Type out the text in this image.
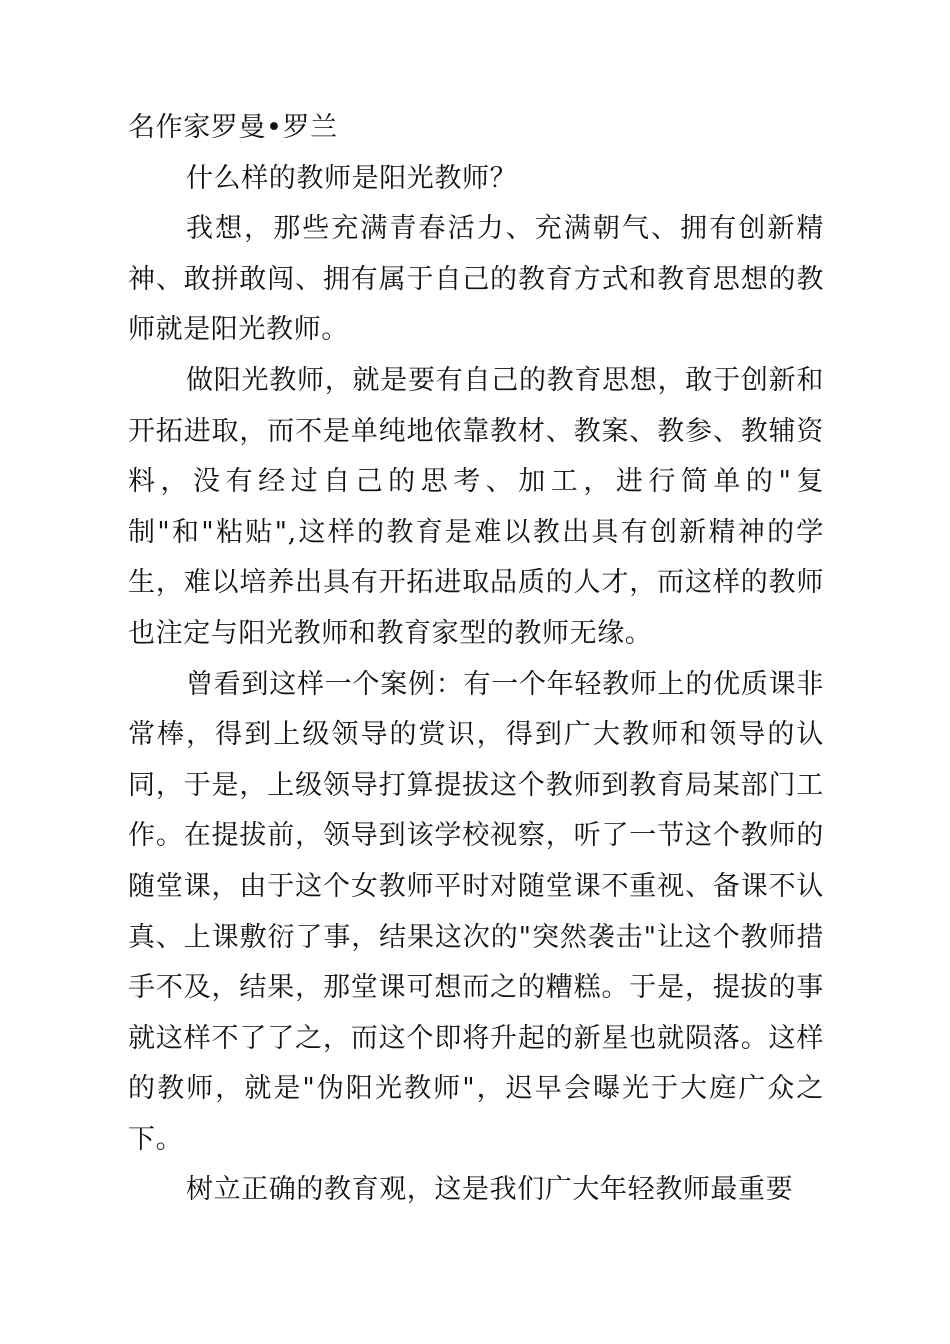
名作家罗曼•罗兰

什么样的教师是阳光教师？

我想，那些充满青春活力、充满朝气、拥有创新精神、敢拼敢闯、拥有属于自己的教育方式和教育思想的教师就是阳光教师。

做阳光教师，就是要有自己的教育思想，敢于创新和开拓进取，而不是单纯地依靠教材、教案、教参、教辅资料，没有经过自己的思考、加工，进行简单的"复制"和"粘贴",这样的教育是难以教出具有创新精神的学生，难以培养出具有开拓进取品质的人才，而这样的教师也注定与阳光教师和教育家型的教师无缘。

曾看到这样一个案例：有一个年轻教师上的优质课非常棒，得到上级领导的赏识，得到广大教师和领导的认同，于是，上级领导打算提拔这个教师到教育局某部门工作。在提拔前，领导到该学校视察，听了一节这个教师的随堂课，由于这个女教师平时对随堂课不重视、备课不认真、上课敷衍了事，结果这次的"突然袭击"让这个教师措手不及，结果，那堂课可想而之的糟糕。于是，提拔的事就这样不了了之，而这个即将升起的新星也就陨落。这样的教师，就是"伪阳光教师"，迟早会曝光于大庭广众之下。

树立正确的教育观，这是我们广大年轻教师最重要
